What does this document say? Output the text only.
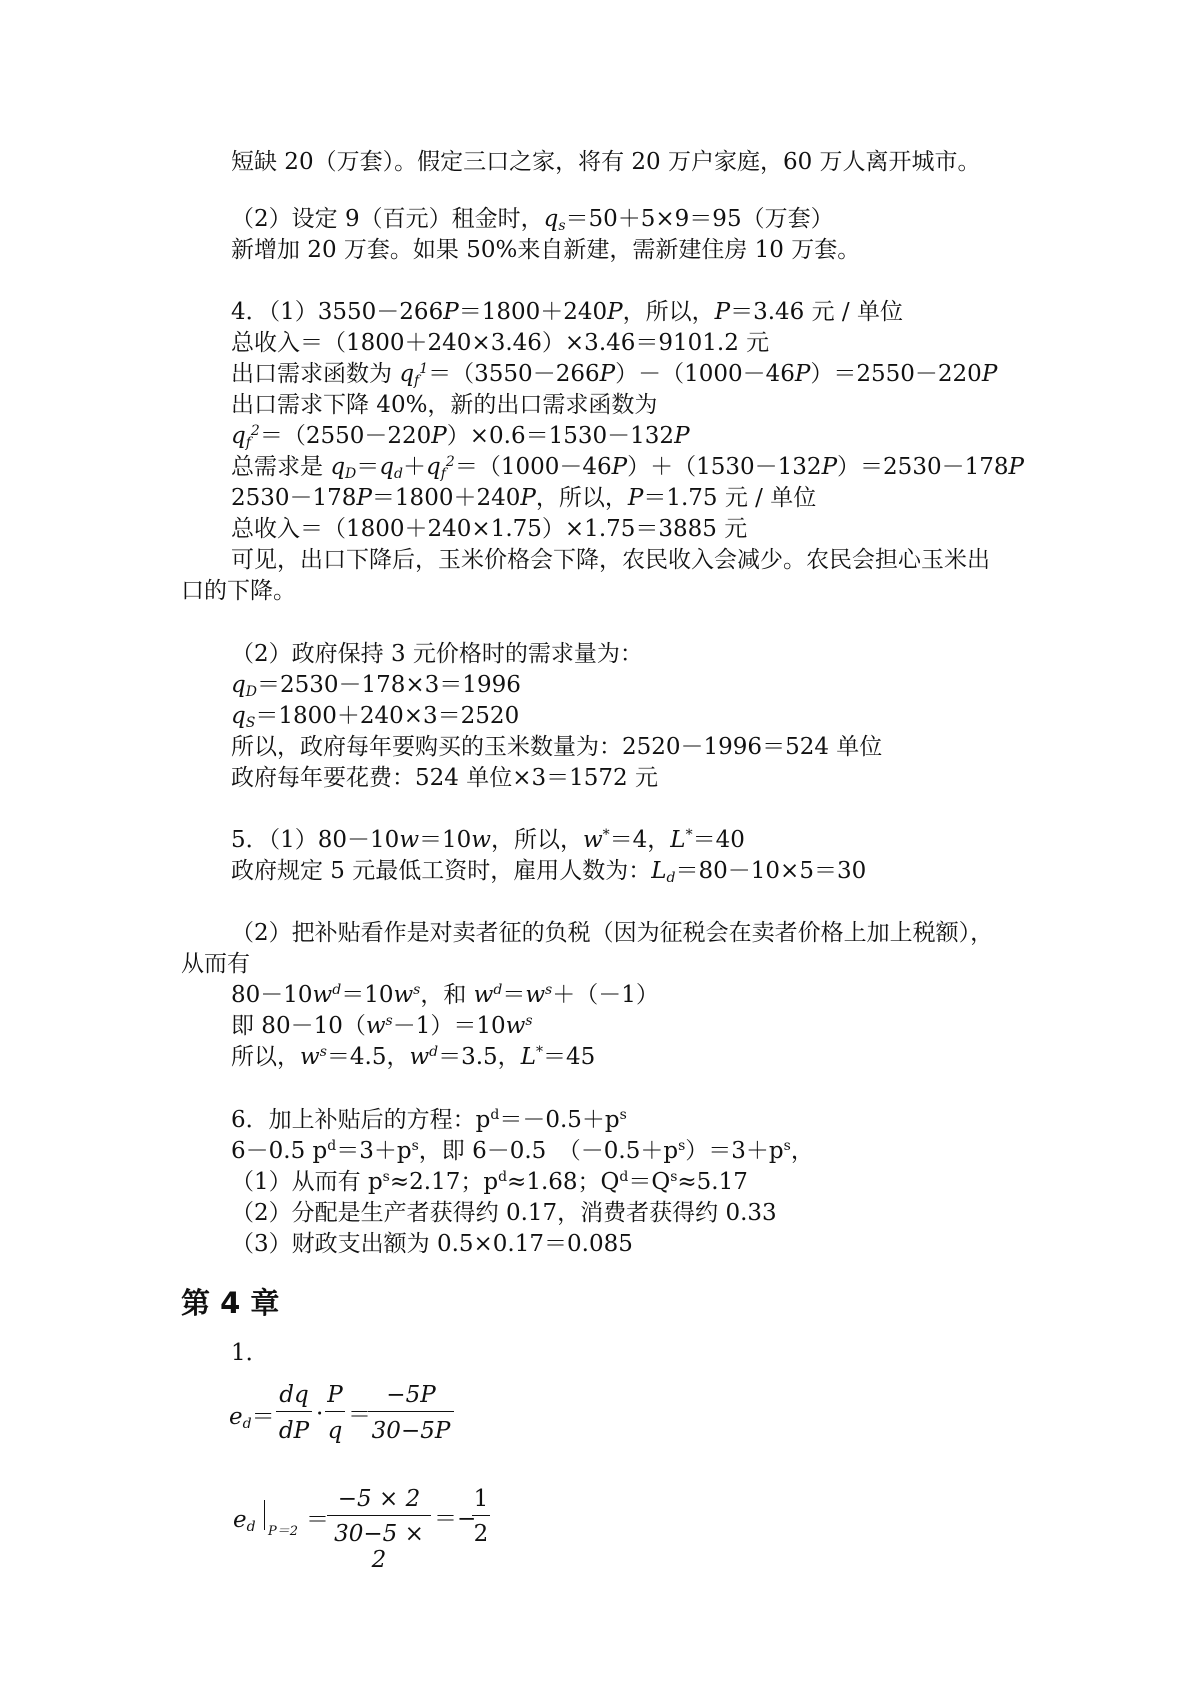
短缺 20（万套）。假定三口之家，将有 20 万户家庭，60 万人离开城市。
（2）设定 9（百元）租金时，$q_s=50+5\times 9=95$（万套）
新增加 20 万套。如果 50%来自新建，需新建住房 10 万套。
4．（1）3550－266P＝1800＋240P，所以，P＝3.46 元 / 单位
总收入＝（1800＋240×3.46）×3.46＝9101.2 元
出口需求函数为 $q_f^1=(3550-266P)-(1000-46P)=2550-220P$
出口需求下降 40%，新的出口需求函数为
$q_f^2=(2550-220P)\times 0.6=1530-132P$
总需求是 $q_D=q_d+q_f^2=(1000-46P)+(1530-132P)=2530-178P$
2530－178P＝1800＋240P，所以，P＝1.75 元 / 单位
总收入＝（1800＋240×1.75）×1.75＝3885 元
可见，出口下降后，玉米价格会下降，农民收入会减少。农民会担心玉米出
口的下降。
（2）政府保持 3 元价格时的需求量为：
$q_D=2530-178\times 3=1996$
$q_S=1800+240\times 3=2520$
所以，政府每年要购买的玉米数量为：2520－1996＝524 单位
政府每年要花费：524 单位×3＝1572 元
5．（1）80－10w＝10w，所以，w*＝4，L*＝40
政府规定 5 元最低工资时，雇用人数为：$L_d=80-10\times 5=30$
（2）把补贴看作是对卖者征的负税（因为征税会在卖者价格上加上税额），
从而有
$80-10w^d=10w^s$，和 $w^d=w^s+(-1)$
即 $80-10(w^s-1)=10w^s$
所以，$w^s=4.5$，$w^d=3.5$，L*＝45
6．加上补贴后的方程：$p^d=-0.5+p^s$
6－0.5 $p^d=3+p^s$，即 6－0.5　$(-0.5+p^s)=3+p^s$，
（1）从而有 $p^s\approx 2.17$；$p^d\approx 1.68$；$Q^d=Q^s\approx 5.17$
（2）分配是生产者获得约 0.17，消费者获得约 0.33
（3）财政支出额为 0.5×0.17＝0.085
第 4 章
1．
$e_d=$
dq
dP
·
P
q
＝
−5P
30−5P
$e_d$ P＝2 ＝
−5 × 2
30−5 × 2
＝−
1
2
